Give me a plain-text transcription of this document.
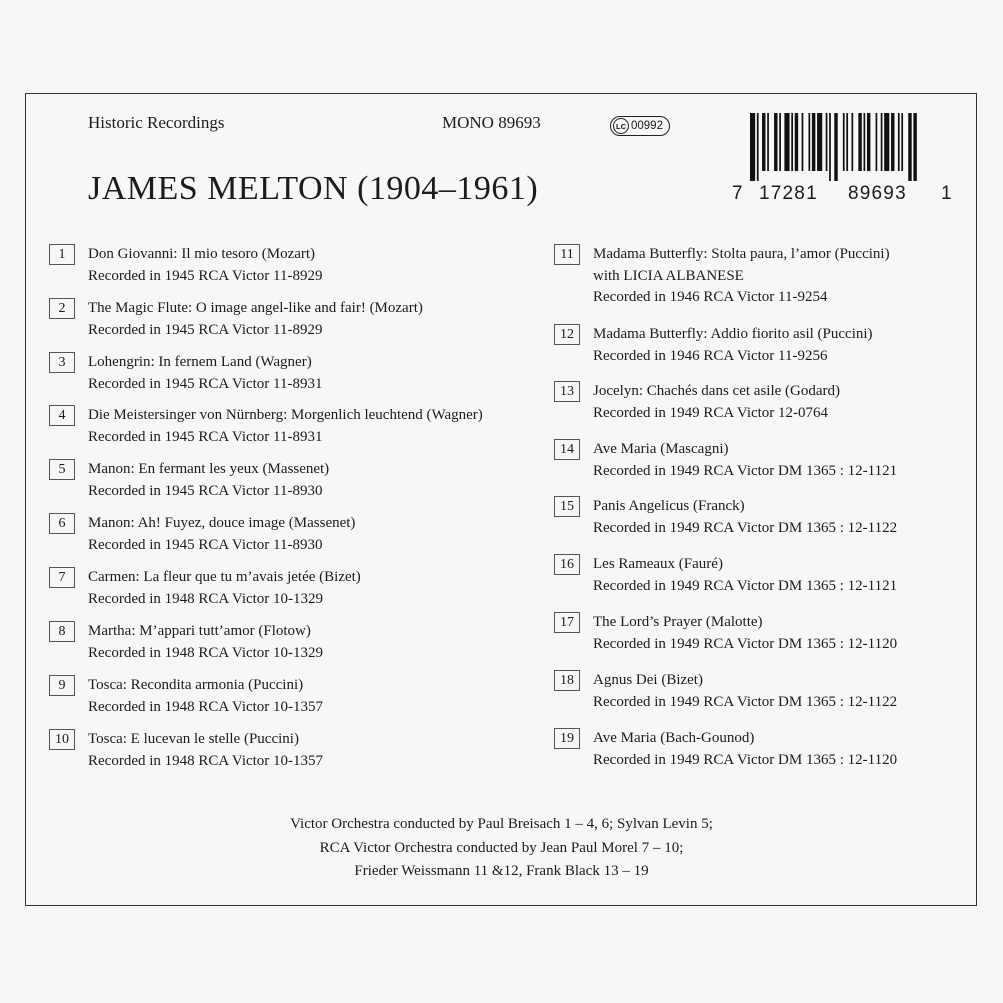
Historic Recordings	MONO 89693	LC 00992
JAMES MELTON (1904–1961)	7 17281 89693 1
1	Don Giovanni: Il mio tesoro (Mozart)
Recorded in 1945 RCA Victor 11-8929
2	The Magic Flute: O image angel-like and fair! (Mozart)
Recorded in 1945 RCA Victor 11-8929
3	Lohengrin: In fernem Land (Wagner)
Recorded in 1945 RCA Victor 11-8931
4	Die Meistersinger von Nürnberg: Morgenlich leuchtend (Wagner)
Recorded in 1945 RCA Victor 11-8931
5	Manon: En fermant les yeux (Massenet)
Recorded in 1945 RCA Victor 11-8930
6	Manon: Ah! Fuyez, douce image (Massenet)
Recorded in 1945 RCA Victor 11-8930
7	Carmen: La fleur que tu m’avais jetée (Bizet)
Recorded in 1948 RCA Victor 10-1329
8	Martha: M’appari tutt’amor (Flotow)
Recorded in 1948 RCA Victor 10-1329
9	Tosca: Recondita armonia (Puccini)
Recorded in 1948 RCA Victor 10-1357
10	Tosca: E lucevan le stelle (Puccini)
Recorded in 1948 RCA Victor 10-1357
11	Madama Butterfly: Stolta paura, l’amor (Puccini)
with LICIA ALBANESE
Recorded in 1946 RCA Victor 11-9254
12	Madama Butterfly: Addio fiorito asil (Puccini)
Recorded in 1946 RCA Victor 11-9256
13	Jocelyn: Chachés dans cet asile (Godard)
Recorded in 1949 RCA Victor 12-0764
14	Ave Maria (Mascagni)
Recorded in 1949 RCA Victor DM 1365 : 12-1121
15	Panis Angelicus (Franck)
Recorded in 1949 RCA Victor DM 1365 : 12-1122
16	Les Rameaux (Fauré)
Recorded in 1949 RCA Victor DM 1365 : 12-1121
17	The Lord’s Prayer (Malotte)
Recorded in 1949 RCA Victor DM 1365 : 12-1120
18	Agnus Dei (Bizet)
Recorded in 1949 RCA Victor DM 1365 : 12-1122
19	Ave Maria (Bach-Gounod)
Recorded in 1949 RCA Victor DM 1365 : 12-1120
Victor Orchestra conducted by Paul Breisach 1 – 4, 6; Sylvan Levin 5;
RCA Victor Orchestra conducted by Jean Paul Morel 7 – 10;
Frieder Weissmann 11 &12, Frank Black 13 – 19
